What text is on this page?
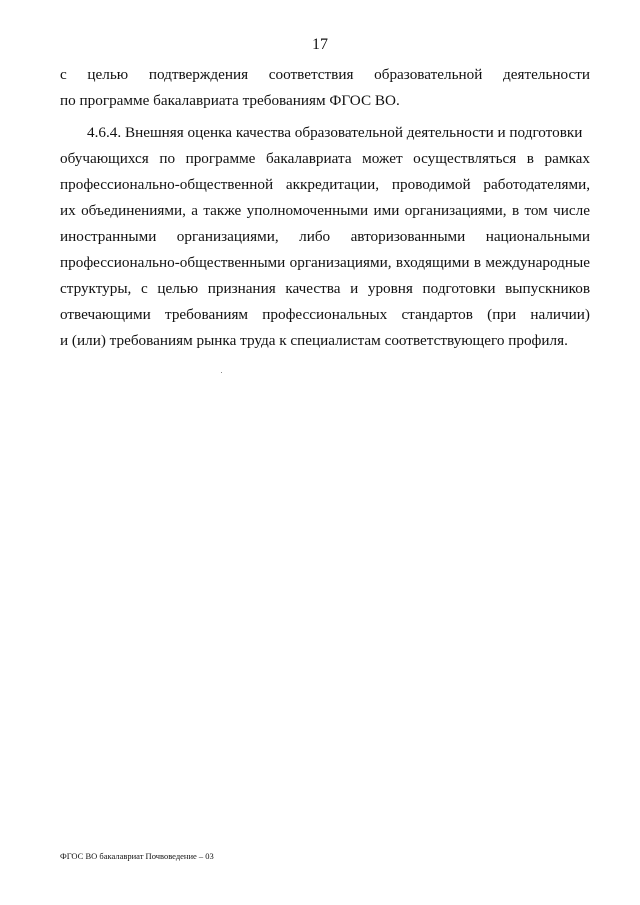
17
с целью подтверждения соответствия образовательной деятельности
по программе бакалавриата требованиям ФГОС ВО.
4.6.4. Внешняя оценка качества образовательной деятельности и подготовки
обучающихся по программе бакалавриата может осуществляться в рамках
профессионально-общественной аккредитации, проводимой работодателями,
их объединениями, а также уполномоченными ими организациями, в том числе
иностранными организациями, либо авторизованными национальными
профессионально-общественными организациями, входящими в международные
структуры, с целью признания качества и уровня подготовки выпускников
отвечающими требованиям профессиональных стандартов (при наличии)
и (или) требованиям рынка труда к специалистам соответствующего профиля.
ФГОС ВО бакалавриат Почвоведение – 03
